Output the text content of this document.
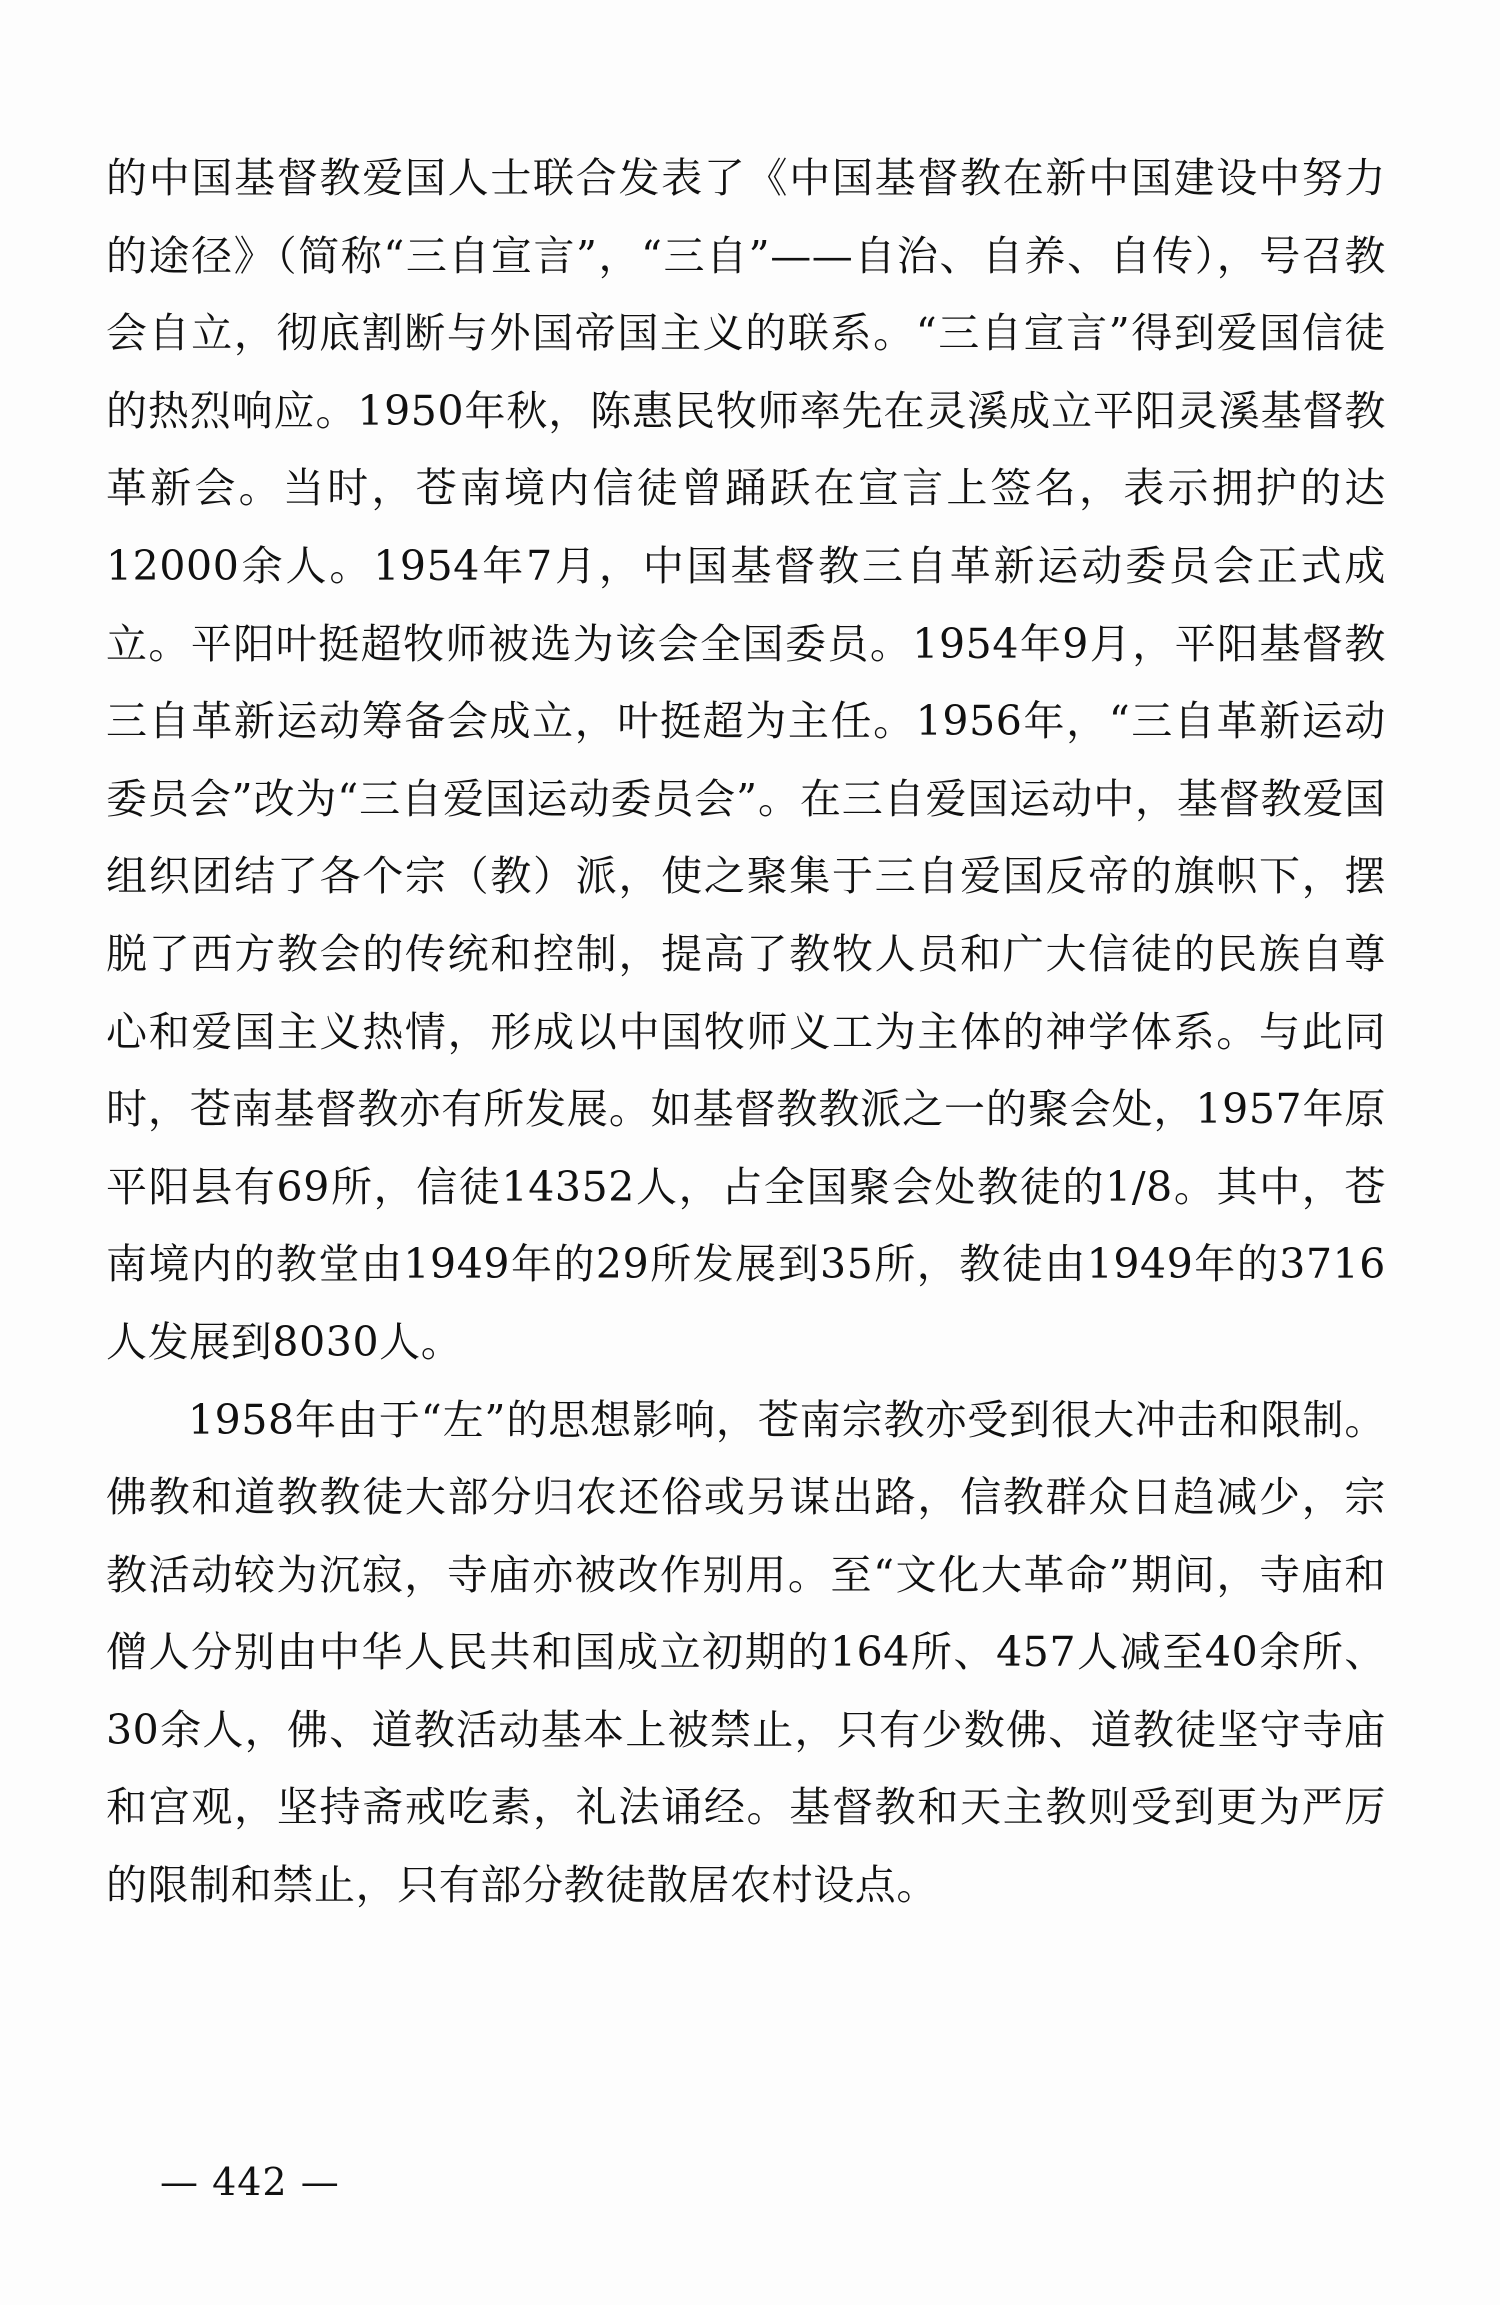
的中国基督教爱国人士联合发表了《中国基督教在新中国建设中努力的途径》（简称“三自宣言”，“三自”——自治、自养、自传），号召教会自立，彻底割断与外国帝国主义的联系。“三自宣言”得到爱国信徒的热烈响应。1950年秋，陈惠民牧师率先在灵溪成立平阳灵溪基督教革新会。当时，苍南境内信徒曾踊跃在宣言上签名，表示拥护的达12000余人。1954年7月，中国基督教三自革新运动委员会正式成立。平阳叶挺超牧师被选为该会全国委员。1954年9月，平阳基督教三自革新运动筹备会成立，叶挺超为主任。1956年，“三自革新运动委员会”改为“三自爱国运动委员会”。在三自爱国运动中，基督教爱国组织团结了各个宗（教）派，使之聚集于三自爱国反帝的旗帜下，摆脱了西方教会的传统和控制，提高了教牧人员和广大信徒的民族自尊心和爱国主义热情，形成以中国牧师义工为主体的神学体系。与此同时，苍南基督教亦有所发展。如基督教教派之一的聚会处，1957年原平阳县有69所，信徒14352人，占全国聚会处教徒的1/8。其中，苍南境内的教堂由1949年的29所发展到35所，教徒由1949年的3716人发展到8030人。

1958年由于“左”的思想影响，苍南宗教亦受到很大冲击和限制。佛教和道教教徒大部分归农还俗或另谋出路，信教群众日趋减少，宗教活动较为沉寂，寺庙亦被改作别用。至“文化大革命”期间，寺庙和僧人分别由中华人民共和国成立初期的164所、457人减至40余所、30余人，佛、道教活动基本上被禁止，只有少数佛、道教徒坚守寺庙和宫观，坚持斋戒吃素，礼法诵经。基督教和天主教则受到更为严厉的限制和禁止，只有部分教徒散居农村设点。

— 442 —
